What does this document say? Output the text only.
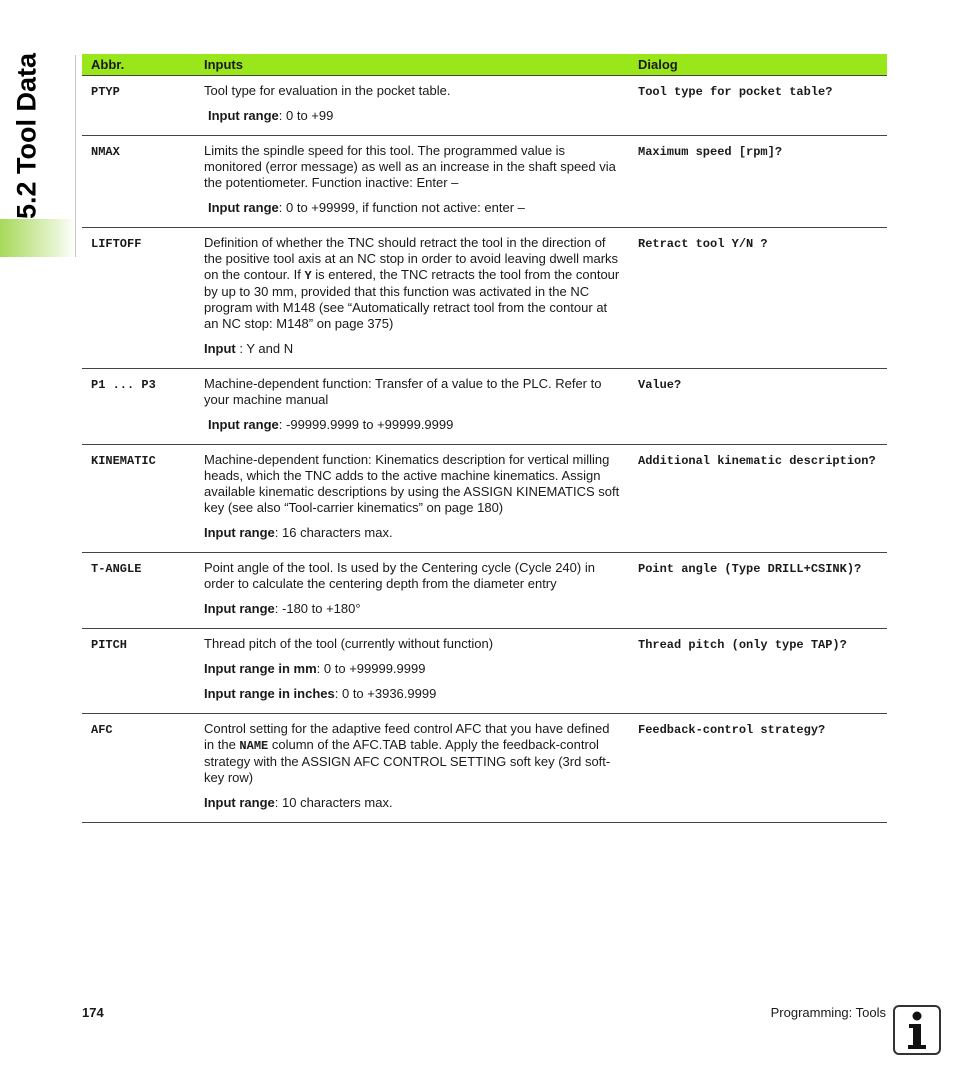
5.2 Tool Data	Abbr.	Inputs	Dialog
PTYP	Tool type for evaluation in the pocket table.

Input range: 0 to +99	Tool type for pocket table?
NMAX	Limits the spindle speed for this tool. The programmed value is monitored (error message) as well as an increase in the shaft speed via the potentiometer. Function inactive: Enter –

Input range: 0 to +99999, if function not active: enter –	Maximum speed [rpm]?
LIFTOFF	Definition of whether the TNC should retract the tool in the direction of the positive tool axis at an NC stop in order to avoid leaving dwell marks on the contour. If Y is entered, the TNC retracts the tool from the contour by up to 30 mm, provided that this function was activated in the NC program with M148 (see “Automatically retract tool from the contour at an NC stop: M148” on page 375)

Input : Y and N	Retract tool Y/N ?
P1 ... P3	Machine-dependent function: Transfer of a value to the PLC. Refer to your machine manual

Input range: -99999.9999 to +99999.9999	Value?
KINEMATIC	Machine-dependent function: Kinematics description for vertical milling heads, which the TNC adds to the active machine kinematics. Assign available kinematic descriptions by using the ASSIGN KINEMATICS soft key (see also “Tool-carrier kinematics” on page 180)

Input range: 16 characters max.	Additional kinematic description?
T-ANGLE	Point angle of the tool. Is used by the Centering cycle (Cycle 240) in order to calculate the centering depth from the diameter entry

Input range: -180 to +180°	Point angle (Type DRILL+CSINK)?
PITCH	Thread pitch of the tool (currently without function)

Input range in mm: 0 to +99999.9999

Input range in inches: 0 to +3936.9999	Thread pitch (only type TAP)?
AFC	Control setting for the adaptive feed control AFC that you have defined in the NAME column of the AFC.TAB table. Apply the feedback-control strategy with the ASSIGN AFC CONTROL SETTING soft key (3rd soft-key row)

Input range: 10 characters max.	Feedback-control strategy?
174	Programming: Tools
